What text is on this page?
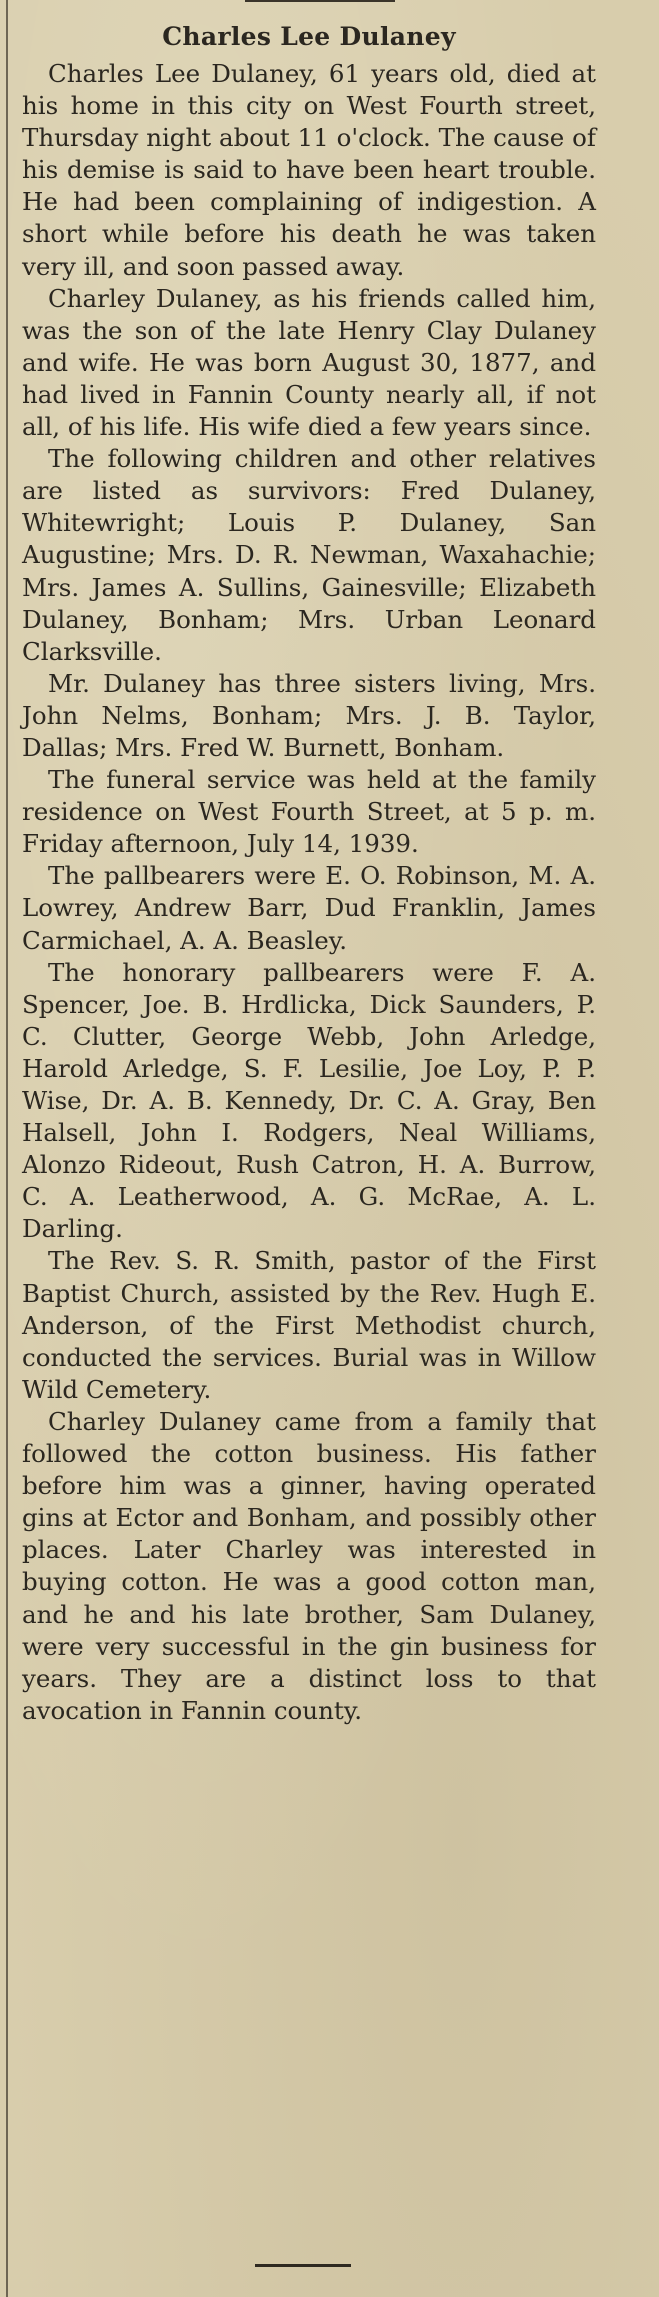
Charles Lee Dulaney

Charles Lee Dulaney, 61 years old, died at his home in this city on West Fourth street, Thursday night about 11 o'clock. The cause of his demise is said to have been heart trouble. He had been complaining of indigestion. A short while before his death he was taken very ill, and soon passed away.

Charley Dulaney, as his friends called him, was the son of the late Henry Clay Dulaney and wife. He was born August 30, 1877, and had lived in Fannin County nearly all, if not all, of his life. His wife died a few years since.

The following children and other relatives are listed as survivors: Fred Dulaney, Whitewright; Louis P. Dulaney, San Augustine; Mrs. D. R. Newman, Waxahachie; Mrs. James A. Sullins, Gainesville; Elizabeth Dulaney, Bonham; Mrs. Urban Leonard Clarksville.

Mr. Dulaney has three sisters living, Mrs. John Nelms, Bonham; Mrs. J. B. Taylor, Dallas; Mrs. Fred W. Burnett, Bonham.

The funeral service was held at the family residence on West Fourth Street, at 5 p. m. Friday afternoon, July 14, 1939.

The pallbearers were E. O. Robinson, M. A. Lowrey, Andrew Barr, Dud Franklin, James Carmichael, A. A. Beasley.

The honorary pallbearers were F. A. Spencer, Joe. B. Hrdlicka, Dick Saunders, P. C. Clutter, George Webb, John Arledge, Harold Arledge, S. F. Lesilie, Joe Loy, P. P. Wise, Dr. A. B. Kennedy, Dr. C. A. Gray, Ben Halsell, John I. Rodgers, Neal Williams, Alonzo Rideout, Rush Catron, H. A. Burrow, C. A. Leatherwood, A. G. McRae, A. L. Darling.

The Rev. S. R. Smith, pastor of the First Baptist Church, assisted by the Rev. Hugh E. Anderson, of the First Methodist church, conducted the services. Burial was in Willow Wild Cemetery.

Charley Dulaney came from a family that followed the cotton business. His father before him was a ginner, having operated gins at Ector and Bonham, and possibly other places. Later Charley was interested in buying cotton. He was a good cotton man, and he and his late brother, Sam Dulaney, were very successful in the gin business for years. They are a distinct loss to that avocation in Fannin county.
